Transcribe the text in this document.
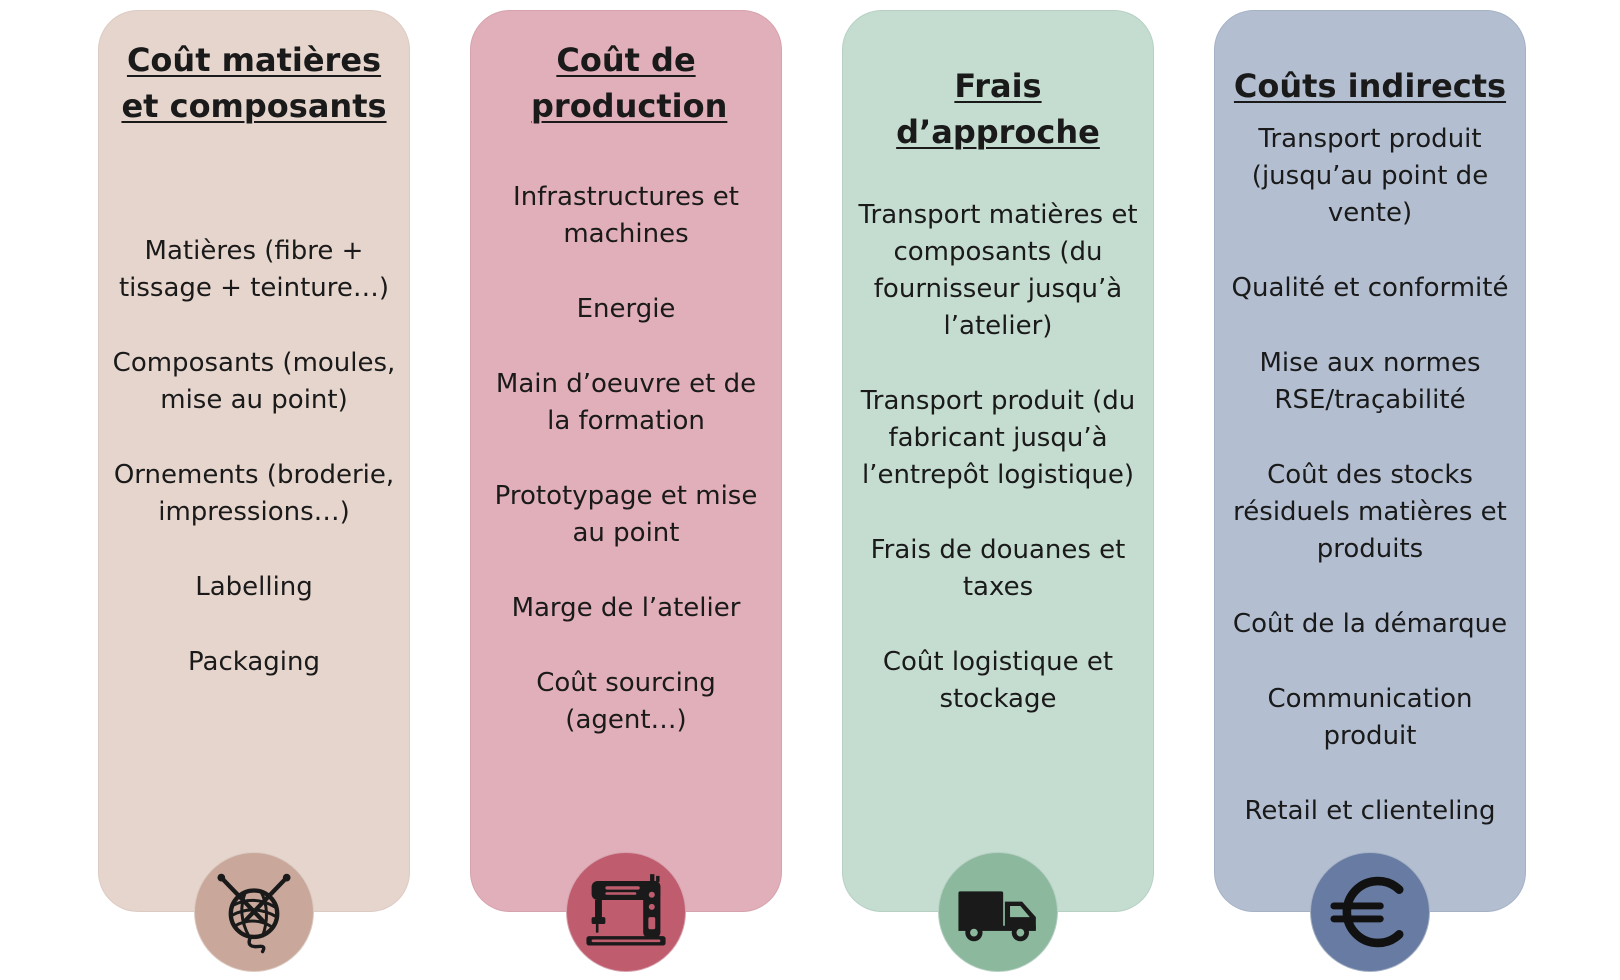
Coût matières et composants
Matières (fibre + tissage + teinture…)
Composants (moules, mise au point)
Ornements (broderie, impressions…)
Labelling
Packaging
Coût de production
Infrastructures et machines
Energie
Main d’oeuvre et de la formation
Prototypage et mise au point
Marge de l’atelier
Coût sourcing (agent…)
Frais d’approche
Transport matières et composants (du fournisseur jusqu’à l’atelier)
Transport produit (du fabricant jusqu’à l’entrepôt logistique)
Frais de douanes et taxes
Coût logistique et stockage
Coûts indirects
Transport produit (jusqu’au point de vente)
Qualité et conformité
Mise aux normes RSE/traçabilité
Coût des stocks résiduels matières et produits
Coût de la démarque
Communication produit
Retail et clienteling
